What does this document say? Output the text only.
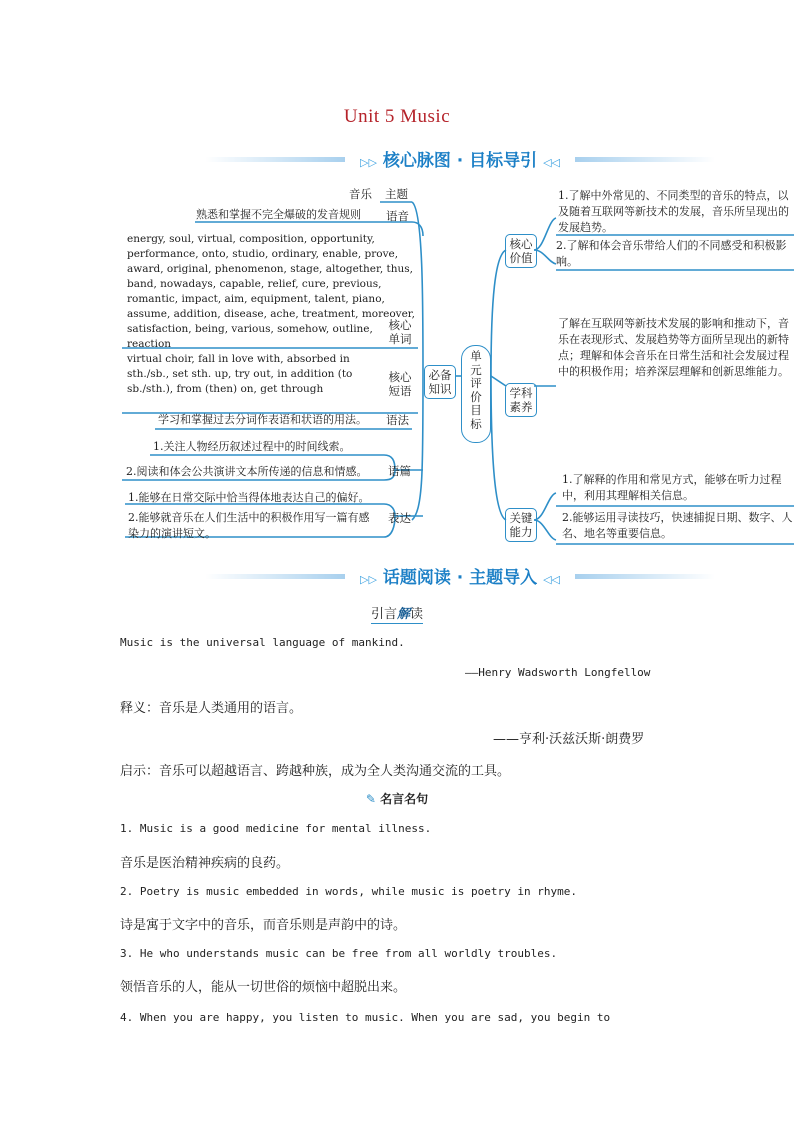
Unit 5 Music
▷▷ 核心脉图 · 目标导引 ◁◁
音乐 主题
熟悉和掌握不完全爆破的发音规则 语音
energy, soul, virtual, composition, opportunity, performance, onto, studio, ordinary, enable, prove, award, original, phenomenon, stage, altogether, thus, band, nowadays, capable, relief, cure, previous, romantic, impact, aim, equipment, talent, piano, assume, addition, disease, ache, treatment, moreover, satisfaction, being, various, somehow, outline, reaction
核心单词
virtual choir, fall in love with, absorbed in sth./sb., set sth. up, try out, in addition (to sb./sth.), from (then) on, get through
核心短语
学习和掌握过去分词作表语和状语的用法。 语法
1.关注人物经历叙述过程中的时间线索。
2.阅读和体会公共演讲文本所传递的信息和情感。 语篇
1.能够在日常交际中恰当得体地表达自己的偏好。
2.能够就音乐在人们生活中的积极作用写一篇有感染力的演讲短文。
表达
必备知识
单元评价目标
核心价值
1.了解中外常见的、不同类型的音乐的特点，以及随着互联网等新技术的发展，音乐所呈现出的发展趋势。
2.了解和体会音乐带给人们的不同感受和积极影响。
学科素养
了解在互联网等新技术发展的影响和推动下，音乐在表现形式、发展趋势等方面所呈现出的新特点；理解和体会音乐在日常生活和社会发展过程中的积极作用；培养深层理解和创新思维能力。
关键能力
1.了解释的作用和常见方式，能够在听力过程中，利用其理解相关信息。
2.能够运用寻读技巧，快速捕捉日期、数字、人名、地名等重要信息。
▷▷ 话题阅读 · 主题导入 ◁◁
引言解读
Music is the universal language of mankind.
——Henry Wadsworth Longfellow
释义：音乐是人类通用的语言。
——亨利·沃兹沃斯·朗费罗
启示：音乐可以超越语言、跨越种族，成为全人类沟通交流的工具。
✎ 名言名句
1. Music is a good medicine for mental illness.
音乐是医治精神疾病的良药。
2. Poetry is music embedded in words, while music is poetry in rhyme.
诗是寓于文字中的音乐，而音乐则是声韵中的诗。
3. He who understands music can be free from all worldly troubles.
领悟音乐的人，能从一切世俗的烦恼中超脱出来。
4. When you are happy, you listen to music. When you are sad, you begin to
